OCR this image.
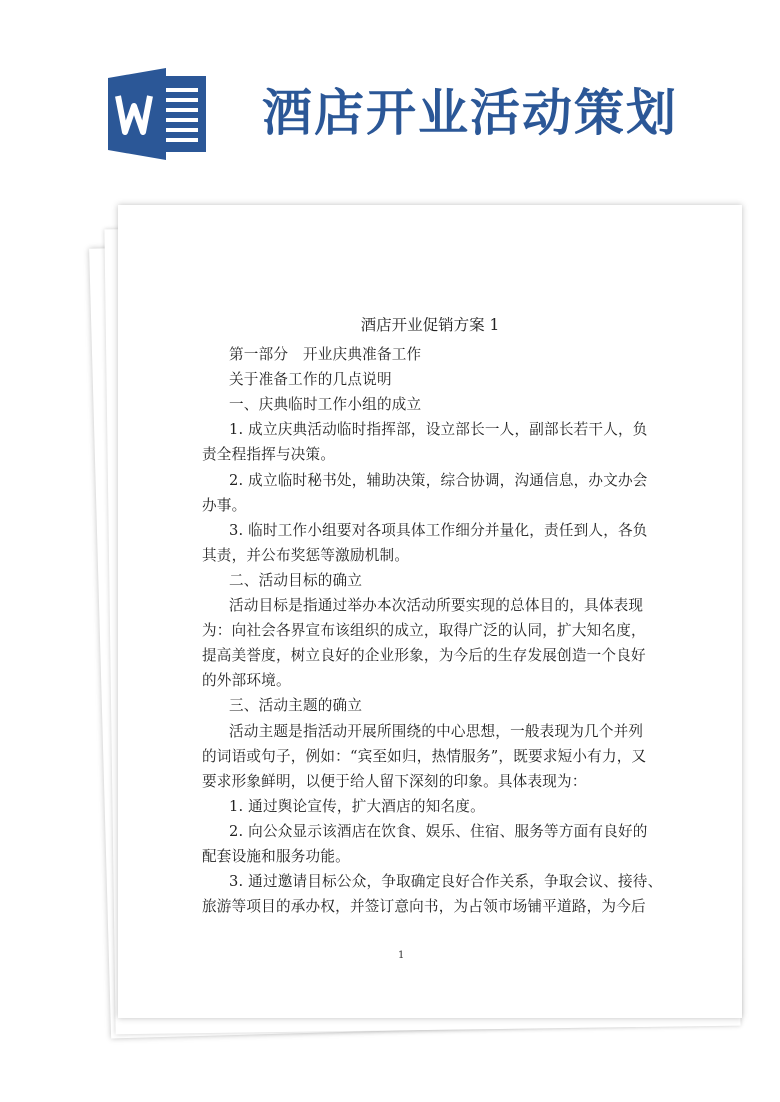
酒店开业活动策划
酒店开业促销方案 1
第一部分　开业庆典准备工作
关于准备工作的几点说明
一、庆典临时工作小组的成立
1. 成立庆典活动临时指挥部，设立部长一人，副部长若干人，负
责全程指挥与决策。
2. 成立临时秘书处，辅助决策，综合协调，沟通信息，办文办会
办事。
3. 临时工作小组要对各项具体工作细分并量化，责任到人，各负
其责，并公布奖惩等激励机制。
二、活动目标的确立
活动目标是指通过举办本次活动所要实现的总体目的，具体表现
为：向社会各界宣布该组织的成立，取得广泛的认同，扩大知名度，
提高美誉度，树立良好的企业形象，为今后的生存发展创造一个良好
的外部环境。
三、活动主题的确立
活动主题是指活动开展所围绕的中心思想，一般表现为几个并列
的词语或句子，例如：“宾至如归，热情服务”，既要求短小有力，又
要求形象鲜明，以便于给人留下深刻的印象。具体表现为：
1. 通过舆论宣传，扩大酒店的知名度。
2. 向公众显示该酒店在饮食、娱乐、住宿、服务等方面有良好的
配套设施和服务功能。
3. 通过邀请目标公众，争取确定良好合作关系，争取会议、接待、
旅游等项目的承办权，并签订意向书，为占领市场铺平道路，为今后
1
